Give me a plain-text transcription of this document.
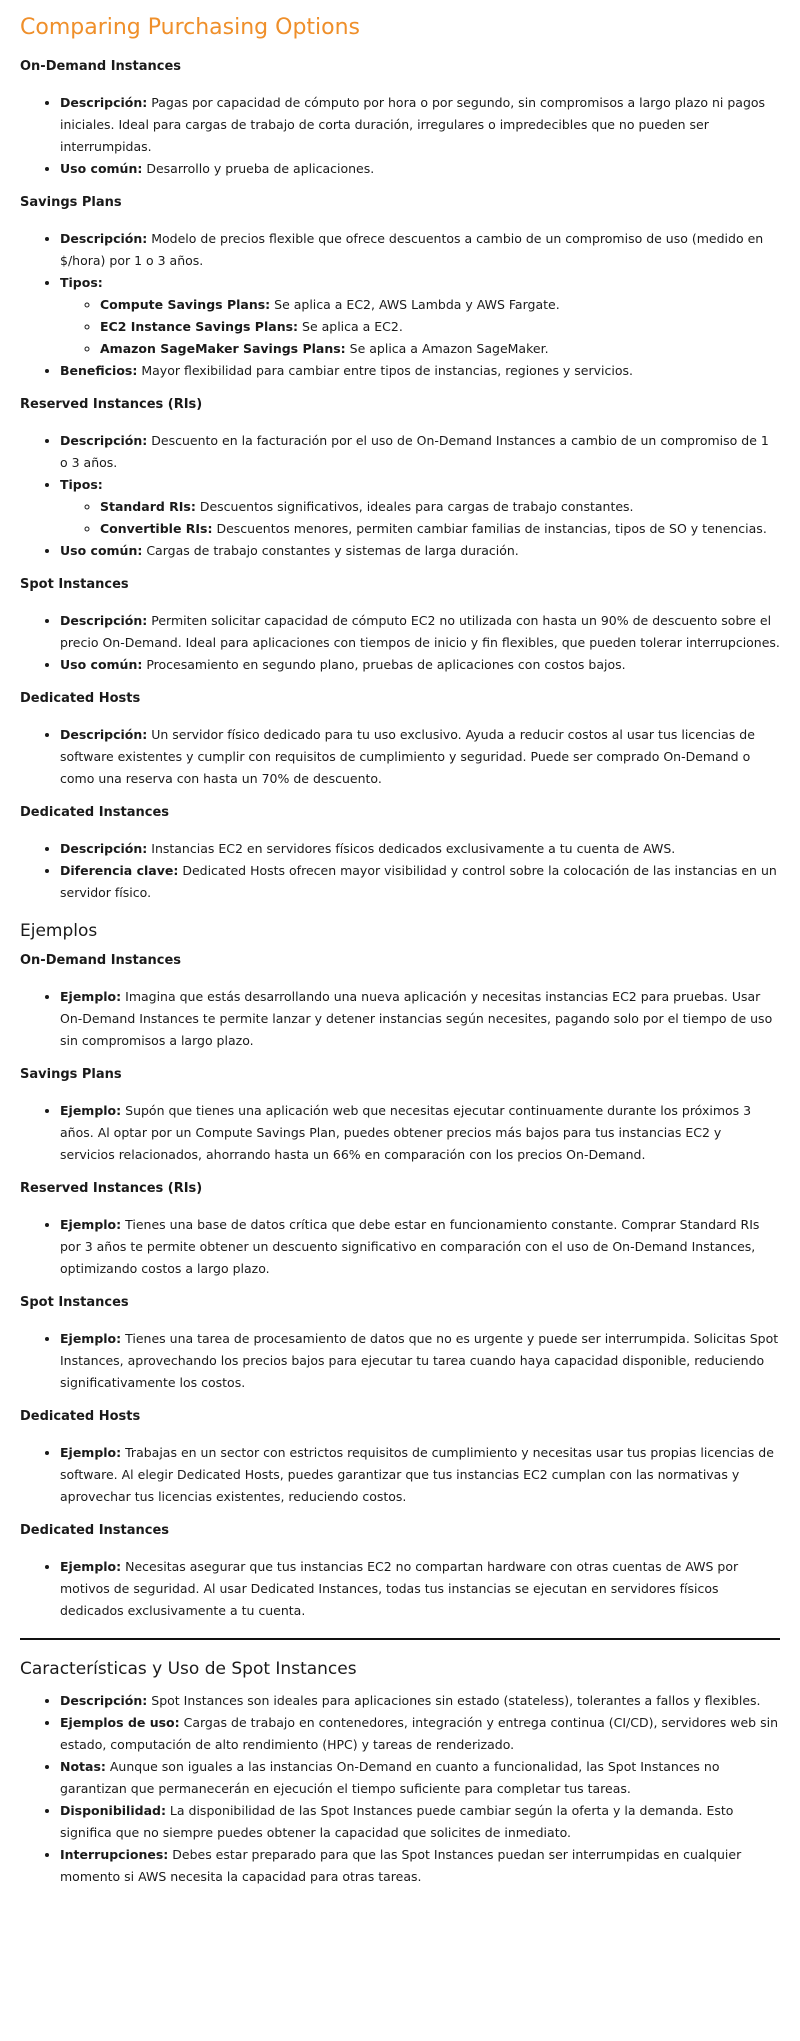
Comparing Purchasing Options
On-Demand Instances
• Descripción: Pagas por capacidad de cómputo por hora o por segundo, sin compromisos a largo plazo ni pagos iniciales. Ideal para cargas de trabajo de corta duración, irregulares o impredecibles que no pueden ser interrumpidas.
• Uso común: Desarrollo y prueba de aplicaciones.
Savings Plans
• Descripción: Modelo de precios flexible que ofrece descuentos a cambio de un compromiso de uso (medido en $/hora) por 1 o 3 años.
• Tipos:
◦ Compute Savings Plans: Se aplica a EC2, AWS Lambda y AWS Fargate.
◦ EC2 Instance Savings Plans: Se aplica a EC2.
◦ Amazon SageMaker Savings Plans: Se aplica a Amazon SageMaker.
• Beneficios: Mayor flexibilidad para cambiar entre tipos de instancias, regiones y servicios.
Reserved Instances (RIs)
• Descripción: Descuento en la facturación por el uso de On-Demand Instances a cambio de un compromiso de 1 o 3 años.
• Tipos:
◦ Standard RIs: Descuentos significativos, ideales para cargas de trabajo constantes.
◦ Convertible RIs: Descuentos menores, permiten cambiar familias de instancias, tipos de SO y tenencias.
• Uso común: Cargas de trabajo constantes y sistemas de larga duración.
Spot Instances
• Descripción: Permiten solicitar capacidad de cómputo EC2 no utilizada con hasta un 90% de descuento sobre el precio On-Demand. Ideal para aplicaciones con tiempos de inicio y fin flexibles, que pueden tolerar interrupciones.
• Uso común: Procesamiento en segundo plano, pruebas de aplicaciones con costos bajos.
Dedicated Hosts
• Descripción: Un servidor físico dedicado para tu uso exclusivo. Ayuda a reducir costos al usar tus licencias de software existentes y cumplir con requisitos de cumplimiento y seguridad. Puede ser comprado On-Demand o como una reserva con hasta un 70% de descuento.
Dedicated Instances
• Descripción: Instancias EC2 en servidores físicos dedicados exclusivamente a tu cuenta de AWS.
• Diferencia clave: Dedicated Hosts ofrecen mayor visibilidad y control sobre la colocación de las instancias en un servidor físico.
Ejemplos
On-Demand Instances
• Ejemplo: Imagina que estás desarrollando una nueva aplicación y necesitas instancias EC2 para pruebas. Usar On-Demand Instances te permite lanzar y detener instancias según necesites, pagando solo por el tiempo de uso sin compromisos a largo plazo.
Savings Plans
• Ejemplo: Supón que tienes una aplicación web que necesitas ejecutar continuamente durante los próximos 3 años. Al optar por un Compute Savings Plan, puedes obtener precios más bajos para tus instancias EC2 y servicios relacionados, ahorrando hasta un 66% en comparación con los precios On-Demand.
Reserved Instances (RIs)
• Ejemplo: Tienes una base de datos crítica que debe estar en funcionamiento constante. Comprar Standard RIs por 3 años te permite obtener un descuento significativo en comparación con el uso de On-Demand Instances, optimizando costos a largo plazo.
Spot Instances
• Ejemplo: Tienes una tarea de procesamiento de datos que no es urgente y puede ser interrumpida. Solicitas Spot Instances, aprovechando los precios bajos para ejecutar tu tarea cuando haya capacidad disponible, reduciendo significativamente los costos.
Dedicated Hosts
• Ejemplo: Trabajas en un sector con estrictos requisitos de cumplimiento y necesitas usar tus propias licencias de software. Al elegir Dedicated Hosts, puedes garantizar que tus instancias EC2 cumplan con las normativas y aprovechar tus licencias existentes, reduciendo costos.
Dedicated Instances
• Ejemplo: Necesitas asegurar que tus instancias EC2 no compartan hardware con otras cuentas de AWS por motivos de seguridad. Al usar Dedicated Instances, todas tus instancias se ejecutan en servidores físicos dedicados exclusivamente a tu cuenta.
Características y Uso de Spot Instances
• Descripción: Spot Instances son ideales para aplicaciones sin estado (stateless), tolerantes a fallos y flexibles.
• Ejemplos de uso: Cargas de trabajo en contenedores, integración y entrega continua (CI/CD), servidores web sin estado, computación de alto rendimiento (HPC) y tareas de renderizado.
• Notas: Aunque son iguales a las instancias On-Demand en cuanto a funcionalidad, las Spot Instances no garantizan que permanecerán en ejecución el tiempo suficiente para completar tus tareas.
• Disponibilidad: La disponibilidad de las Spot Instances puede cambiar según la oferta y la demanda. Esto significa que no siempre puedes obtener la capacidad que solicites de inmediato.
• Interrupciones: Debes estar preparado para que las Spot Instances puedan ser interrumpidas en cualquier momento si AWS necesita la capacidad para otras tareas.
